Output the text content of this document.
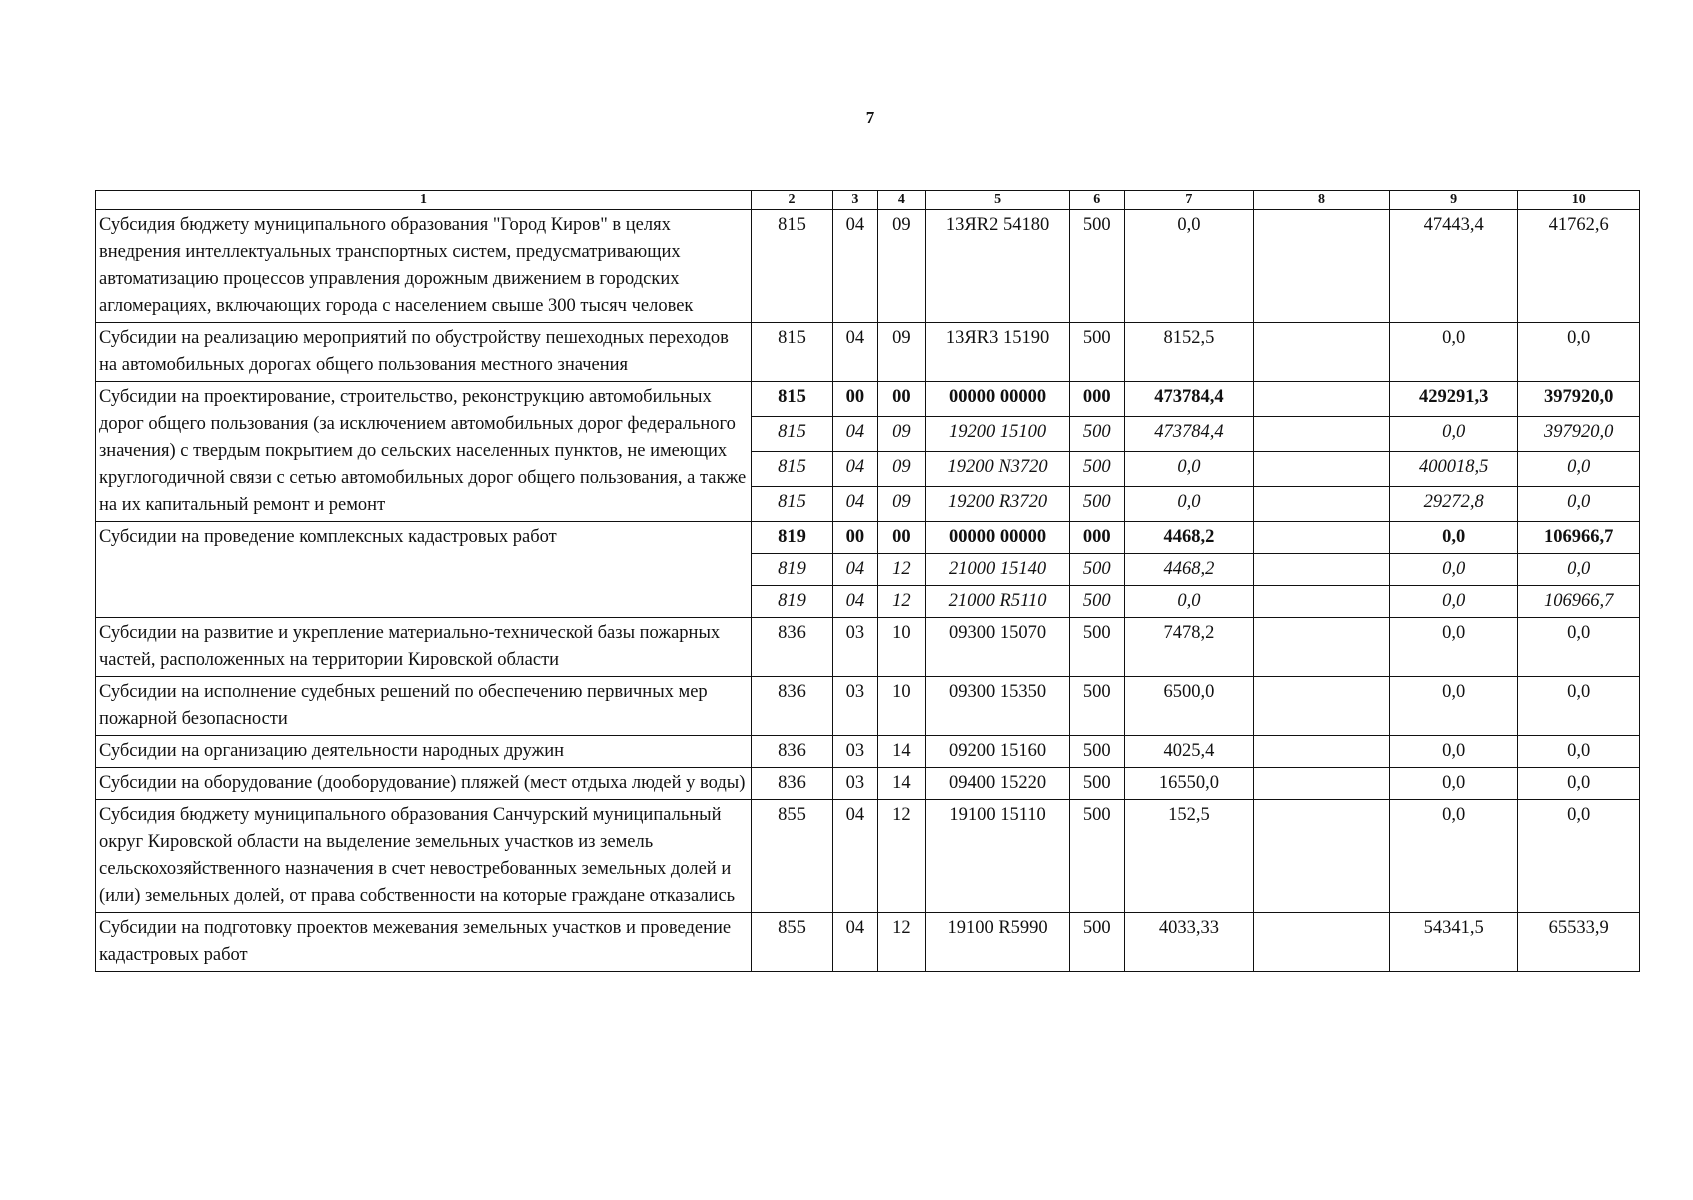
7
1	2	3	4	5	6	7	8	9	10
Субсидия бюджету муниципального образования "Город Киров" в целях внедрения интеллектуальных транспортных систем, предусматривающих автоматизацию процессов управления дорожным движением в городских агломерациях, включающих города с населением свыше 300 тысяч человек	815	04	09	13ЯR2 54180	500	0,0		47443,4	41762,6
Субсидии на реализацию мероприятий по обустройству пешеходных переходов на автомобильных дорогах общего пользования местного значения	815	04	09	13ЯR3 15190	500	8152,5		0,0	0,0
Субсидии на проектирование, строительство, реконструкцию автомобильных дорог общего пользования (за исключением автомобильных дорог федерального значения) с твердым покрытием до сельских населенных пунктов, не имеющих круглогодичной связи с сетью автомобильных дорог общего пользования, а также на их капитальный ремонт и ремонт	815	00	00	00000 00000	000	473784,4		429291,3	397920,0
	815	04	09	19200 15100	500	473784,4		0,0	397920,0
	815	04	09	19200 N3720	500	0,0		400018,5	0,0
	815	04	09	19200 R3720	500	0,0		29272,8	0,0
Субсидии на проведение комплексных кадастровых работ	819	00	00	00000 00000	000	4468,2		0,0	106966,7
	819	04	12	21000 15140	500	4468,2		0,0	0,0
	819	04	12	21000 R5110	500	0,0		0,0	106966,7
Субсидии на развитие и укрепление материально-технической базы пожарных частей, расположенных на территории Кировской области	836	03	10	09300 15070	500	7478,2		0,0	0,0
Субсидии на исполнение судебных решений по обеспечению первичных мер пожарной безопасности	836	03	10	09300 15350	500	6500,0		0,0	0,0
Субсидии на организацию деятельности народных дружин	836	03	14	09200 15160	500	4025,4		0,0	0,0
Субсидии на оборудование (дооборудование) пляжей (мест отдыха людей у воды)	836	03	14	09400 15220	500	16550,0		0,0	0,0
Субсидия бюджету муниципального образования Санчурский муниципальный округ Кировской области на выделение земельных участков из земель сельскохозяйственного назначения в счет невостребованных земельных долей и (или) земельных долей, от права собственности на которые граждане отказались	855	04	12	19100 15110	500	152,5		0,0	0,0
Субсидии на подготовку проектов межевания земельных участков и проведение кадастровых работ	855	04	12	19100 R5990	500	4033,33		54341,5	65533,9
